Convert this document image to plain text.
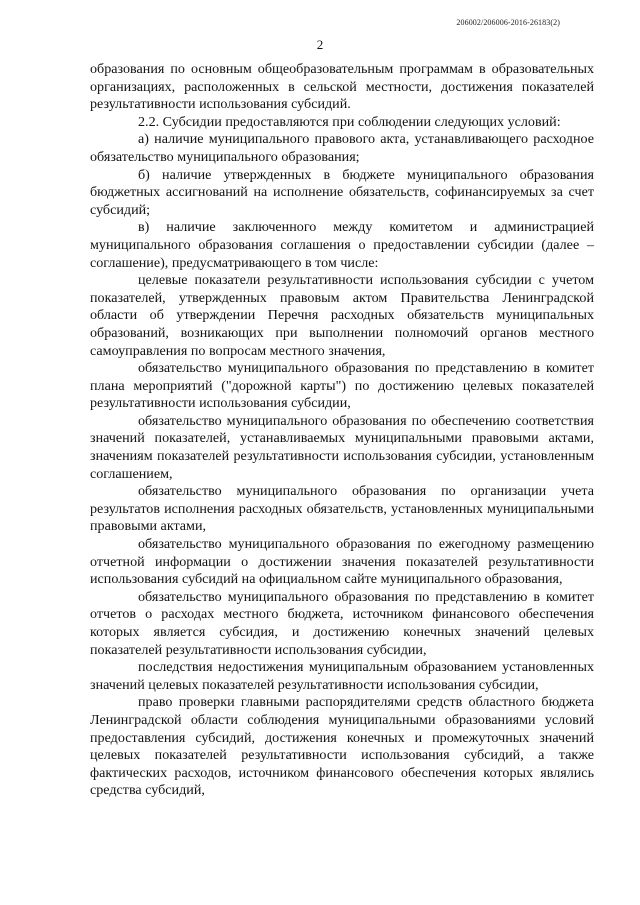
206002/206006-2016-26183(2)
2

образования по основным общеобразовательным программам в образовательных организациях, расположенных в сельской местности, достижения показателей результативности использования субсидий.

2.2. Субсидии предоставляются при соблюдении следующих условий:

а) наличие муниципального правового акта, устанавливающего расходное обязательство муниципального образования;

б) наличие утвержденных в бюджете муниципального образования бюджетных ассигнований на исполнение обязательств, софинансируемых за счет субсидий;

в) наличие заключенного между комитетом и администрацией муниципального образования соглашения о предоставлении субсидии (далее – соглашение), предусматривающего в том числе:

целевые показатели результативности использования субсидии с учетом показателей, утвержденных правовым актом Правительства Ленинградской области об утверждении Перечня расходных обязательств муниципальных образований, возникающих при выполнении полномочий органов местного самоуправления по вопросам местного значения,

обязательство муниципального образования по представлению в комитет плана мероприятий ("дорожной карты") по достижению целевых показателей результативности использования субсидии,

обязательство муниципального образования по обеспечению соответствия значений показателей, устанавливаемых муниципальными правовыми актами, значениям показателей результативности использования субсидии, установленным соглашением,

обязательство муниципального образования по организации учета результатов исполнения расходных обязательств, установленных муниципальными правовыми актами,

обязательство муниципального образования по ежегодному размещению отчетной информации о достижении значения показателей результативности использования субсидий на официальном сайте муниципального образования,

обязательство муниципального образования по представлению в комитет отчетов о расходах местного бюджета, источником финансового обеспечения которых является субсидия, и достижению конечных значений целевых показателей результативности использования субсидии,

последствия недостижения муниципальным образованием установленных значений целевых показателей результативности использования субсидии,

право проверки главными распорядителями средств областного бюджета Ленинградской области соблюдения муниципальными образованиями условий предоставления субсидий, достижения конечных и промежуточных значений целевых показателей результативности использования субсидий, а также фактических расходов, источником финансового обеспечения которых являлись средства субсидий,
